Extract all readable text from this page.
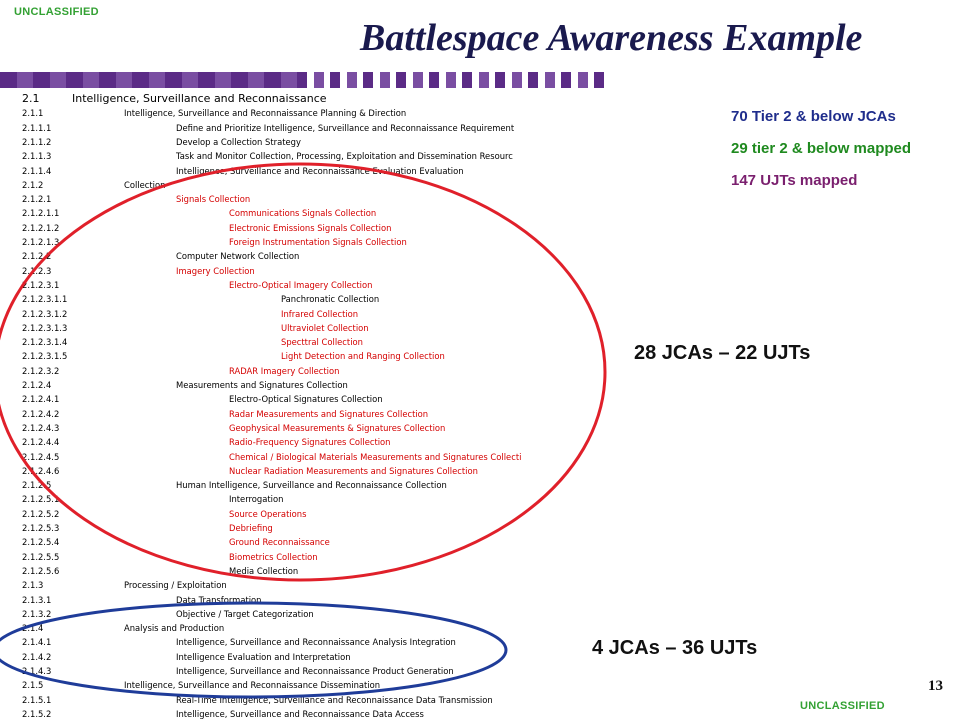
UNCLASSIFIED
Battlespace Awareness Example
2.1	Intelligence, Surveillance and Reconnaissance
2.1.1	Intelligence, Surveillance and Reconnaissance Planning & Direction
2.1.1.1	Define and Prioritize Intelligence, Surveillance and Reconnaissance Requirement
2.1.1.2	Develop a Collection Strategy
2.1.1.3	Task and Monitor Collection, Processing, Exploitation and Dissemination Resourc
2.1.1.4	Intelligence, Surveillance and Reconnaissance Evaluation Evaluation
2.1.2	Collection
2.1.2.1	Signals Collection
2.1.2.1.1	Communications Signals Collection
2.1.2.1.2	Electronic Emissions Signals Collection
2.1.2.1.3	Foreign Instrumentation Signals Collection
2.1.2.2	Computer Network Collection
2.1.2.3	Imagery Collection
2.1.2.3.1	Electro-Optical Imagery Collection
2.1.2.3.1.1	Panchronatic Collection
2.1.2.3.1.2	Infrared Collection
2.1.2.3.1.3	Ultraviolet Collection
2.1.2.3.1.4	Specttral Collection
2.1.2.3.1.5	Light Detection and Ranging Collection
2.1.2.3.2	RADAR Imagery Collection
2.1.2.4	Measurements and Signatures Collection
2.1.2.4.1	Electro-Optical Signatures Collection
2.1.2.4.2	Radar Measurements and Signatures Collection
2.1.2.4.3	Geophysical Measurements & Signatures Collection
2.1.2.4.4	Radio-Frequency Signatures Collection
2.1.2.4.5	Chemical / Biological Materials Measurements and Signatures Collecti
2.1.2.4.6	Nuclear Radiation Measurements and Signatures Collection
2.1.2.5	Human Intelligence, Surveillance and Reconnaissance Collection
2.1.2.5.1	Interrogation
2.1.2.5.2	Source Operations
2.1.2.5.3	Debriefing
2.1.2.5.4	Ground Reconnaissance
2.1.2.5.5	Biometrics Collection
2.1.2.5.6	Media Collection
2.1.3	Processing / Exploitation
2.1.3.1	Data Transformation
2.1.3.2	Objective / Target Categorization
2.1.4	Analysis and Production
2.1.4.1	Intelligence, Surveillance and Reconnaissance Analysis Integration
2.1.4.2	Intelligence Evaluation and Interpretation
2.1.4.3	Intelligence, Surveillance and Reconnaissance Product Generation
2.1.5	Intelligence, Surveillance and Reconnaissance Dissemination
2.1.5.1	Real-Time Intelligence, Surveillance and Reconnaissance Data Transmission
2.1.5.2	Intelligence, Surveillance and Reconnaissance Data Access
70 Tier 2 & below JCAs
29 tier 2 & below mapped
147 UJTs mapped
28 JCAs – 22 UJTs
4 JCAs – 36 UJTs
13
UNCLASSIFIED
